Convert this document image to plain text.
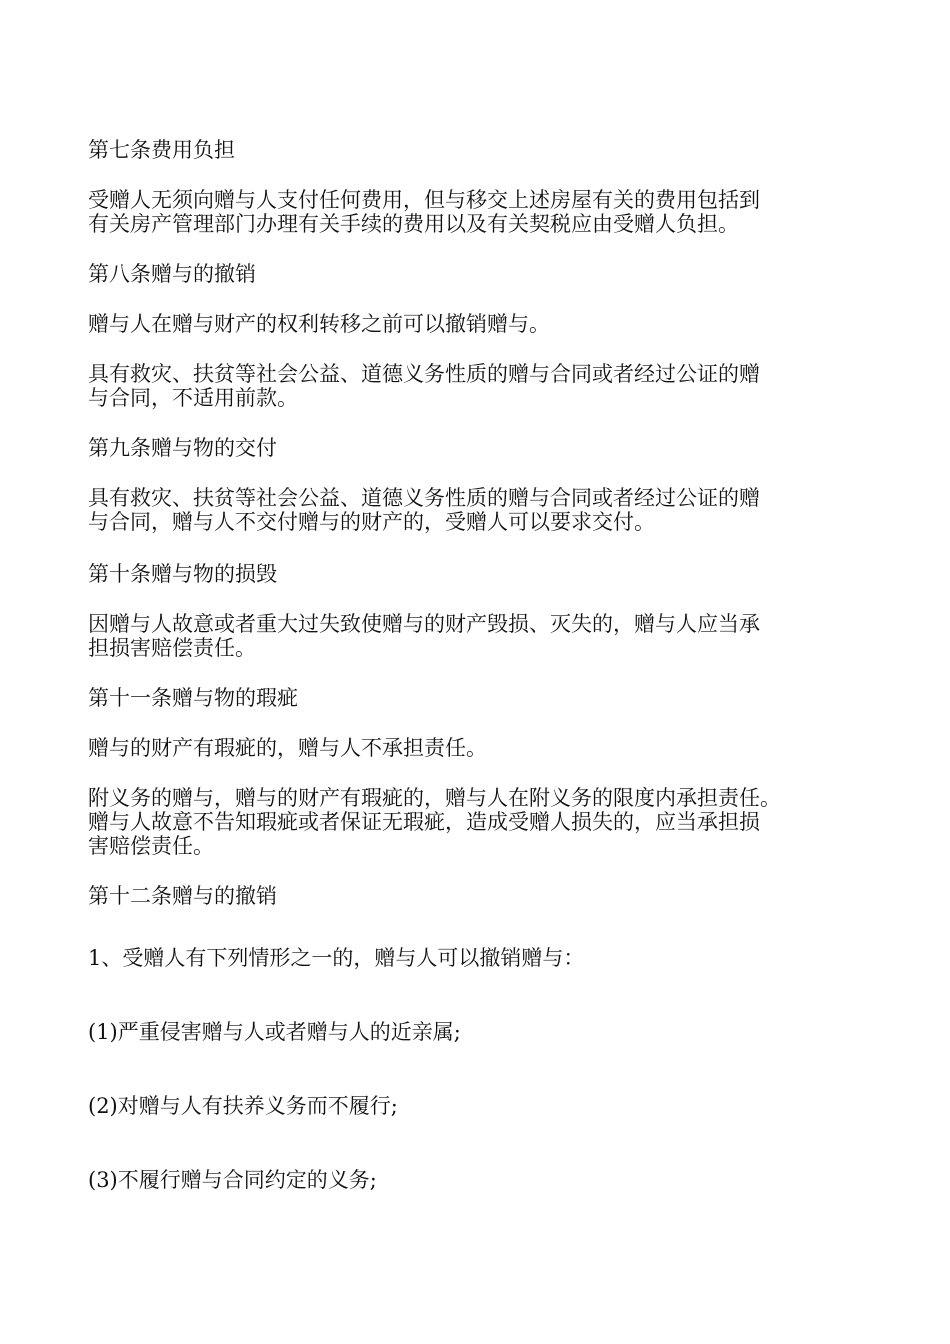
第七条费用负担

受赠人无须向赠与人支付任何费用，但与移交上述房屋有关的费用包括到
有关房产管理部门办理有关手续的费用以及有关契税应由受赠人负担。

第八条赠与的撤销

赠与人在赠与财产的权利转移之前可以撤销赠与。

具有救灾、扶贫等社会公益、道德义务性质的赠与合同或者经过公证的赠
与合同，不适用前款。

第九条赠与物的交付

具有救灾、扶贫等社会公益、道德义务性质的赠与合同或者经过公证的赠
与合同，赠与人不交付赠与的财产的，受赠人可以要求交付。

第十条赠与物的损毁

因赠与人故意或者重大过失致使赠与的财产毁损、灭失的，赠与人应当承
担损害赔偿责任。

第十一条赠与物的瑕疵

赠与的财产有瑕疵的，赠与人不承担责任。

附义务的赠与，赠与的财产有瑕疵的，赠与人在附义务的限度内承担责任。
赠与人故意不告知瑕疵或者保证无瑕疵，造成受赠人损失的，应当承担损
害赔偿责任。

第十二条赠与的撤销

1、受赠人有下列情形之一的，赠与人可以撤销赠与：

(1)严重侵害赠与人或者赠与人的近亲属;

(2)对赠与人有扶养义务而不履行;

(3)不履行赠与合同约定的义务;
